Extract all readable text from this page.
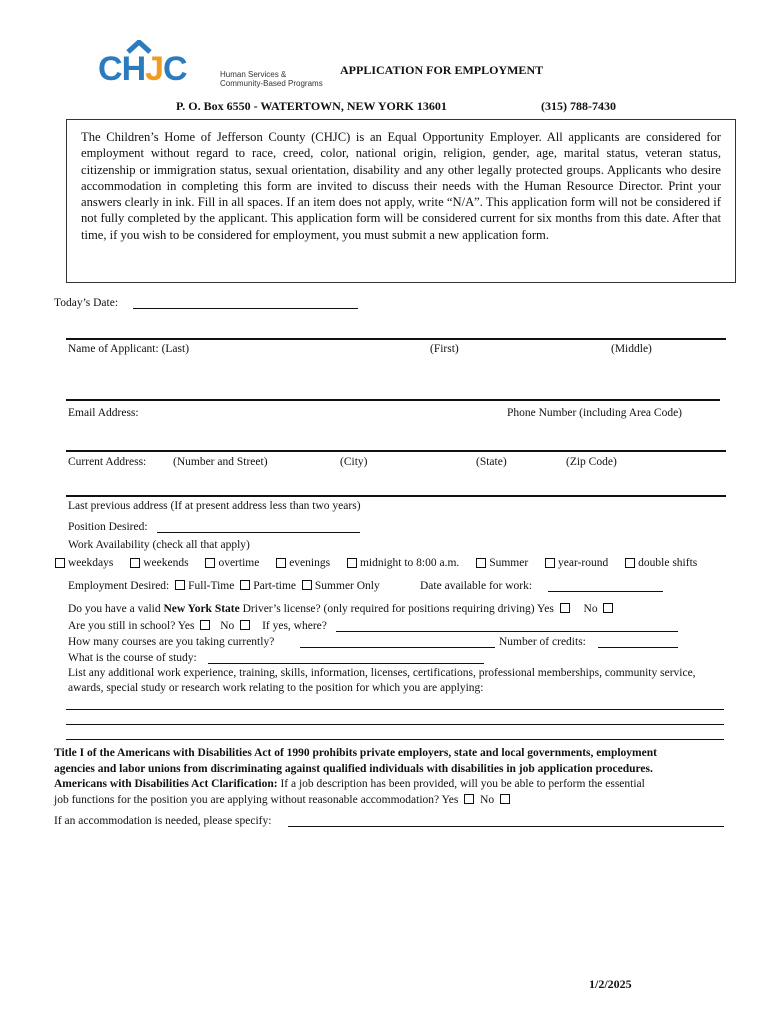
CHJC	Human Services &
Community-Based Programs
APPLICATION FOR EMPLOYMENT
P. O. Box 6550 - WATERTOWN, NEW YORK 13601	(315) 788-7430

The Children’s Home of Jefferson County (CHJC) is an Equal Opportunity Employer. All applicants are considered for employment without regard to race, creed, color, national origin, religion, gender, age, marital status, veteran status, citizenship or immigration status, sexual orientation, disability and any other legally protected groups. Applicants who desire accommodation in completing this form are invited to discuss their needs with the Human Resource Director. Print your answers clearly in ink. Fill in all spaces. If an item does not apply, write “N/A”. This application form will not be considered if not fully completed by the applicant. This application form will be considered current for six months from this date. After that time, if you wish to be considered for employment, you must submit a new application form.

Today’s Date:
Name of Applicant: (Last)	(First)	(Middle)
Email Address:	Phone Number (including Area Code)
Current Address: (Number and Street)	(City)	(State)	(Zip Code)
Last previous address (If at present address less than two years)
Position Desired:
Work Availability (check all that apply)
weekdays
	weekends
	overtime
	evenings
	midnight to 8:00 a.m.
	Summer
	year-round
	double shifts
Employment Desired: Full-Time Part-time Summer Only	Date available for work:
Do you have a valid New York State Driver’s license? (only required for positions requiring driving) Yes	No
Are you still in school? Yes No If yes, where?
How many courses are you taking currently?	Number of credits:
What is the course of study:
List any additional work experience, training, skills, information, licenses, certifications, professional memberships, community service,
awards, special study or research work relating to the position for which you are applying:
Title I of the Americans with Disabilities Act of 1990 prohibits private employers, state and local governments, employment
agencies and labor unions from discriminating against qualified individuals with disabilities in job application procedures.
Americans with Disabilities Act Clarification: If a job description has been provided, will you be able to perform the essential
job functions for the position you are applying without reasonable accommodation? Yes No
If an accommodation is needed, please specify:
1/2/2025
